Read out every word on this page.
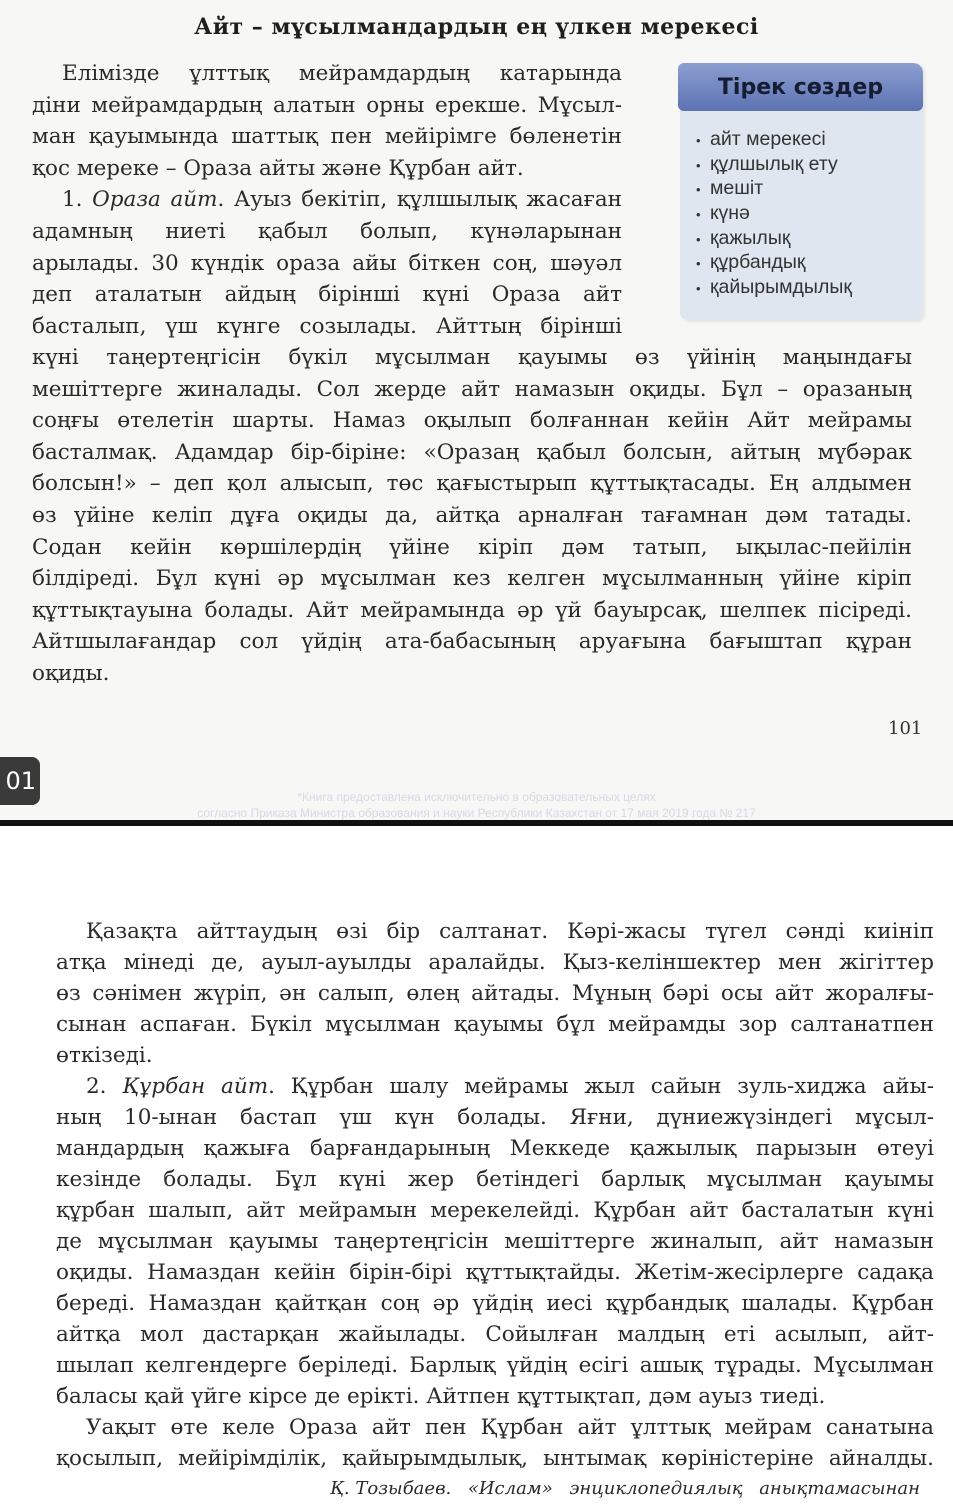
Айт – мұсылмандардың ең үлкен мерекесі
Елімізде ұлттық мейрамдардың катарында
діни мейрамдардың алатын орны ерекше. Мұсыл-
ман қауымында шаттық пен мейірімге бөленетін
қос мереке – Ораза айты және Құрбан айт.
1. Ораза айт. Ауыз бекітіп, құлшылық жасаған
адамның ниеті қабыл болып, күнәларынан
арылады. 30 күндік ораза айы біткен соң, шәуәл
деп аталатын айдың бірінші күні Ораза айт
басталып, үш күнге созылады. Айттың бірінші
күні таңертеңгісін бүкіл мұсылман қауымы өз үйінің маңындағы
мешіттерге жиналады. Сол жерде айт намазын оқиды. Бұл – оразаның
соңғы өтелетін шарты. Намаз оқылып болғаннан кейін Айт мейрамы
басталмақ. Адамдар бір-біріне: «Оразаң қабыл болсын, айтың мүбәрак
болсын!» – деп қол алысып, төс қағыстырып құттықтасады. Ең алдымен
өз үйіне келіп дұға оқиды да, айтқа арналған тағамнан дәм татады.
Содан кейін көршілердің үйіне кіріп дәм татып, ықылас-пейілін
білдіреді. Бұл күні әр мұсылман кез келген мұсылманның үйіне кіріп
құттықтауына болады. Айт мейрамында әр үй бауырсақ, шелпек пісіреді.
Айтшылағандар сол үйдің ата-бабасының аруағына бағыштап құран
оқиды.
Тірек сөздер
• айт мерекесі
• құлшылық ету
• мешіт
• күнә
• қажылық
• құрбандық
• қайырымдылық
101
01
*Книга предоставлена исключительно в образовательных целях
согласно Приказа Министра образования и науки Республики Казахстан от 17 мая 2019 года № 217
Қазақта айттаудың өзі бір салтанат. Кәрі-жасы түгел сәнді киініп
атқа мінеді де, ауыл-ауылды аралайды. Қыз-келіншектер мен жігіттер
өз сәнімен жүріп, ән салып, өлең айтады. Мұның бәрі осы айт жоралғы-
сынан аспаған. Бүкіл мұсылман қауымы бұл мейрамды зор салтанатпен
өткізеді.
2. Құрбан айт. Құрбан шалу мейрамы жыл сайын зуль-хиджа айы-
ның 10-ынан бастап үш күн болады. Яғни, дүниежүзіндегі мұсыл-
мандардың қажыға барғандарының Меккеде қажылық парызын өтеуі
кезінде болады. Бұл күні жер бетіндегі барлық мұсылман қауымы
құрбан шалып, айт мейрамын мерекелейді. Құрбан айт басталатын күні
де мұсылман қауымы таңертеңгісін мешіттерге жиналып, айт намазын
оқиды. Намаздан кейін бірін-бірі құттықтайды. Жетім-жесірлерге садақа
береді. Намаздан қайтқан соң әр үйдің иесі құрбандық шалады. Құрбан
айтқа мол дастарқан жайылады. Сойылған малдың еті асылып, айт-
шылап келгендерге беріледі. Барлық үйдің есігі ашық тұрады. Мұсылман
баласы қай үйге кірсе де ерікті. Айтпен құттықтап, дәм ауыз тиеді.
Уақыт өте келе Ораза айт пен Құрбан айт ұлттық мейрам санатына
қосылып, мейірімділік, қайырымдылық, ынтымақ көріністеріне айналды.
Қ. Тозыбаев. «Ислам» энциклопедиялық анықтамасынан
